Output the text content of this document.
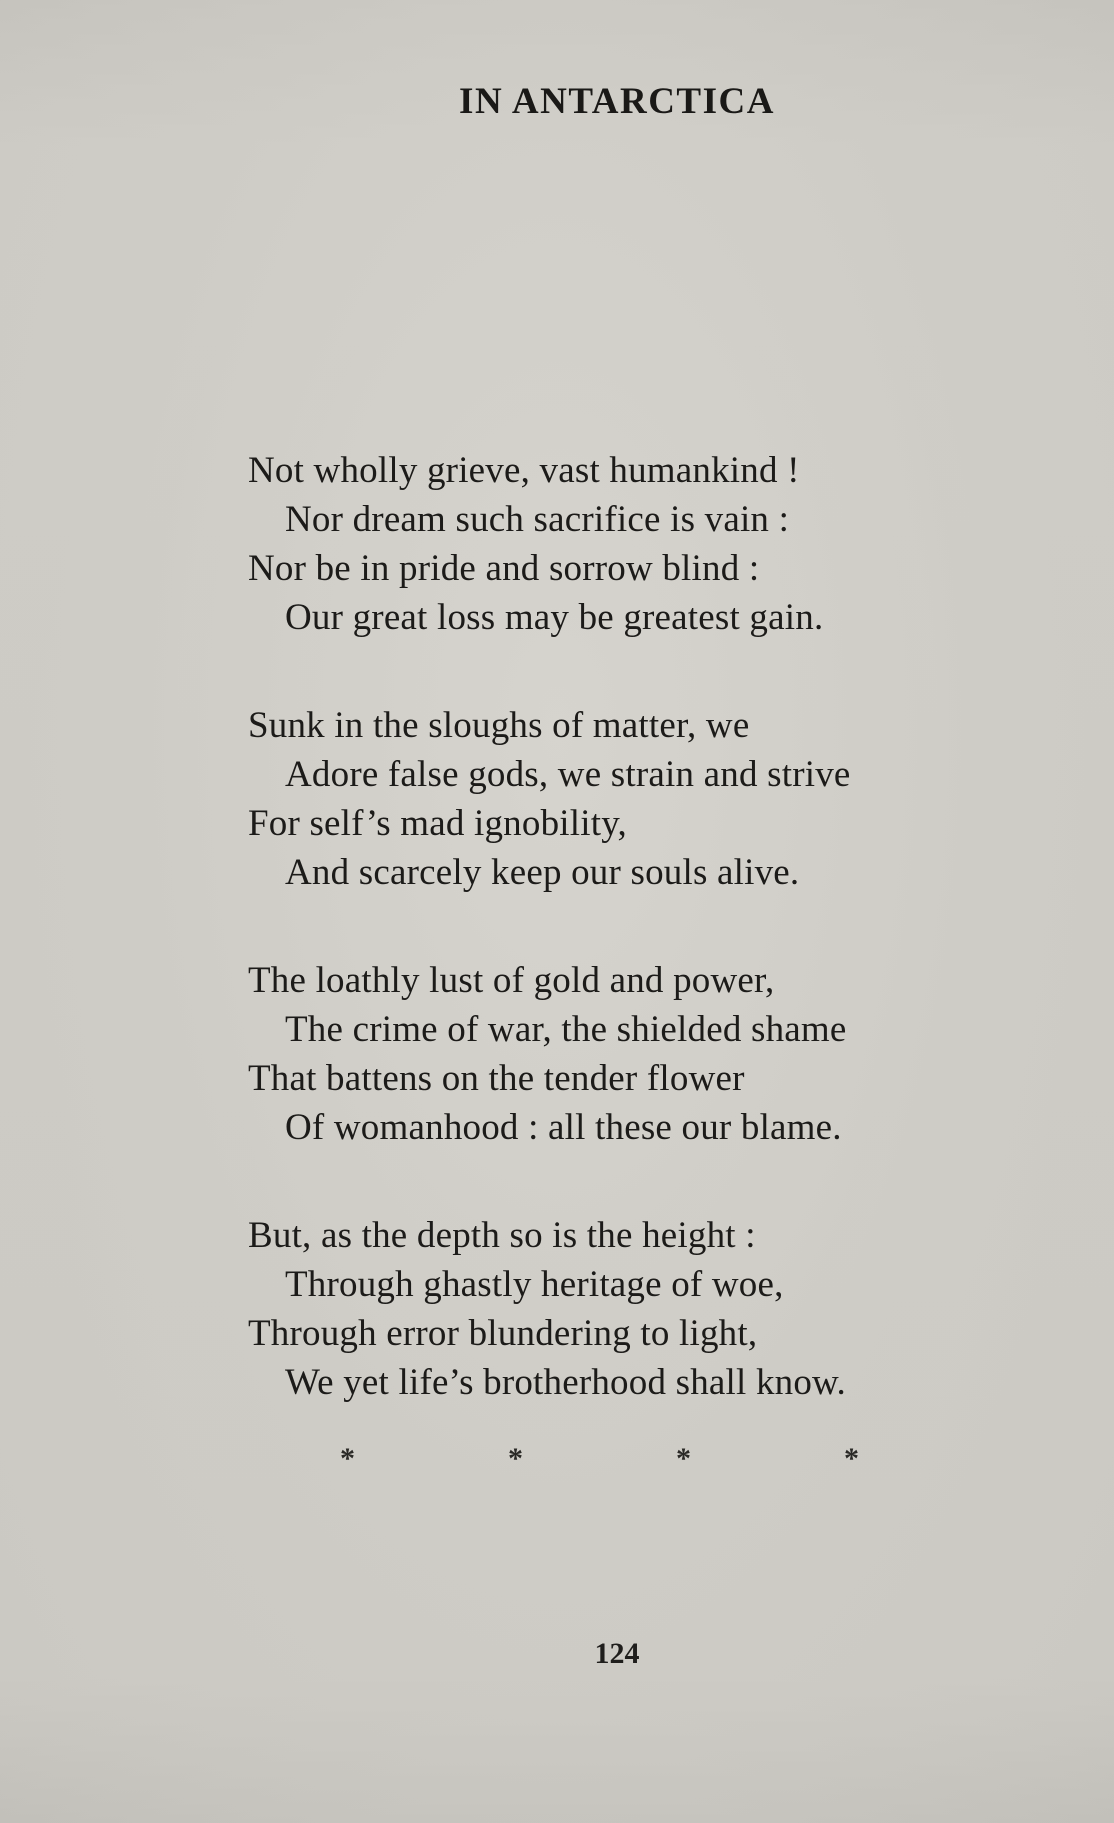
IN ANTARCTICA
Not wholly grieve, vast humankind !
Nor dream such sacrifice is vain :
Nor be in pride and sorrow blind :
Our great loss may be greatest gain.
Sunk in the sloughs of matter, we
Adore false gods, we strain and strive
For self’s mad ignobility,
And scarcely keep our souls alive.
The loathly lust of gold and power,
The crime of war, the shielded shame
That battens on the tender flower
Of womanhood : all these our blame.
But, as the depth so is the height :
Through ghastly heritage of woe,
Through error blundering to light,
We yet life’s brotherhood shall know.
*	*	*	*
124
